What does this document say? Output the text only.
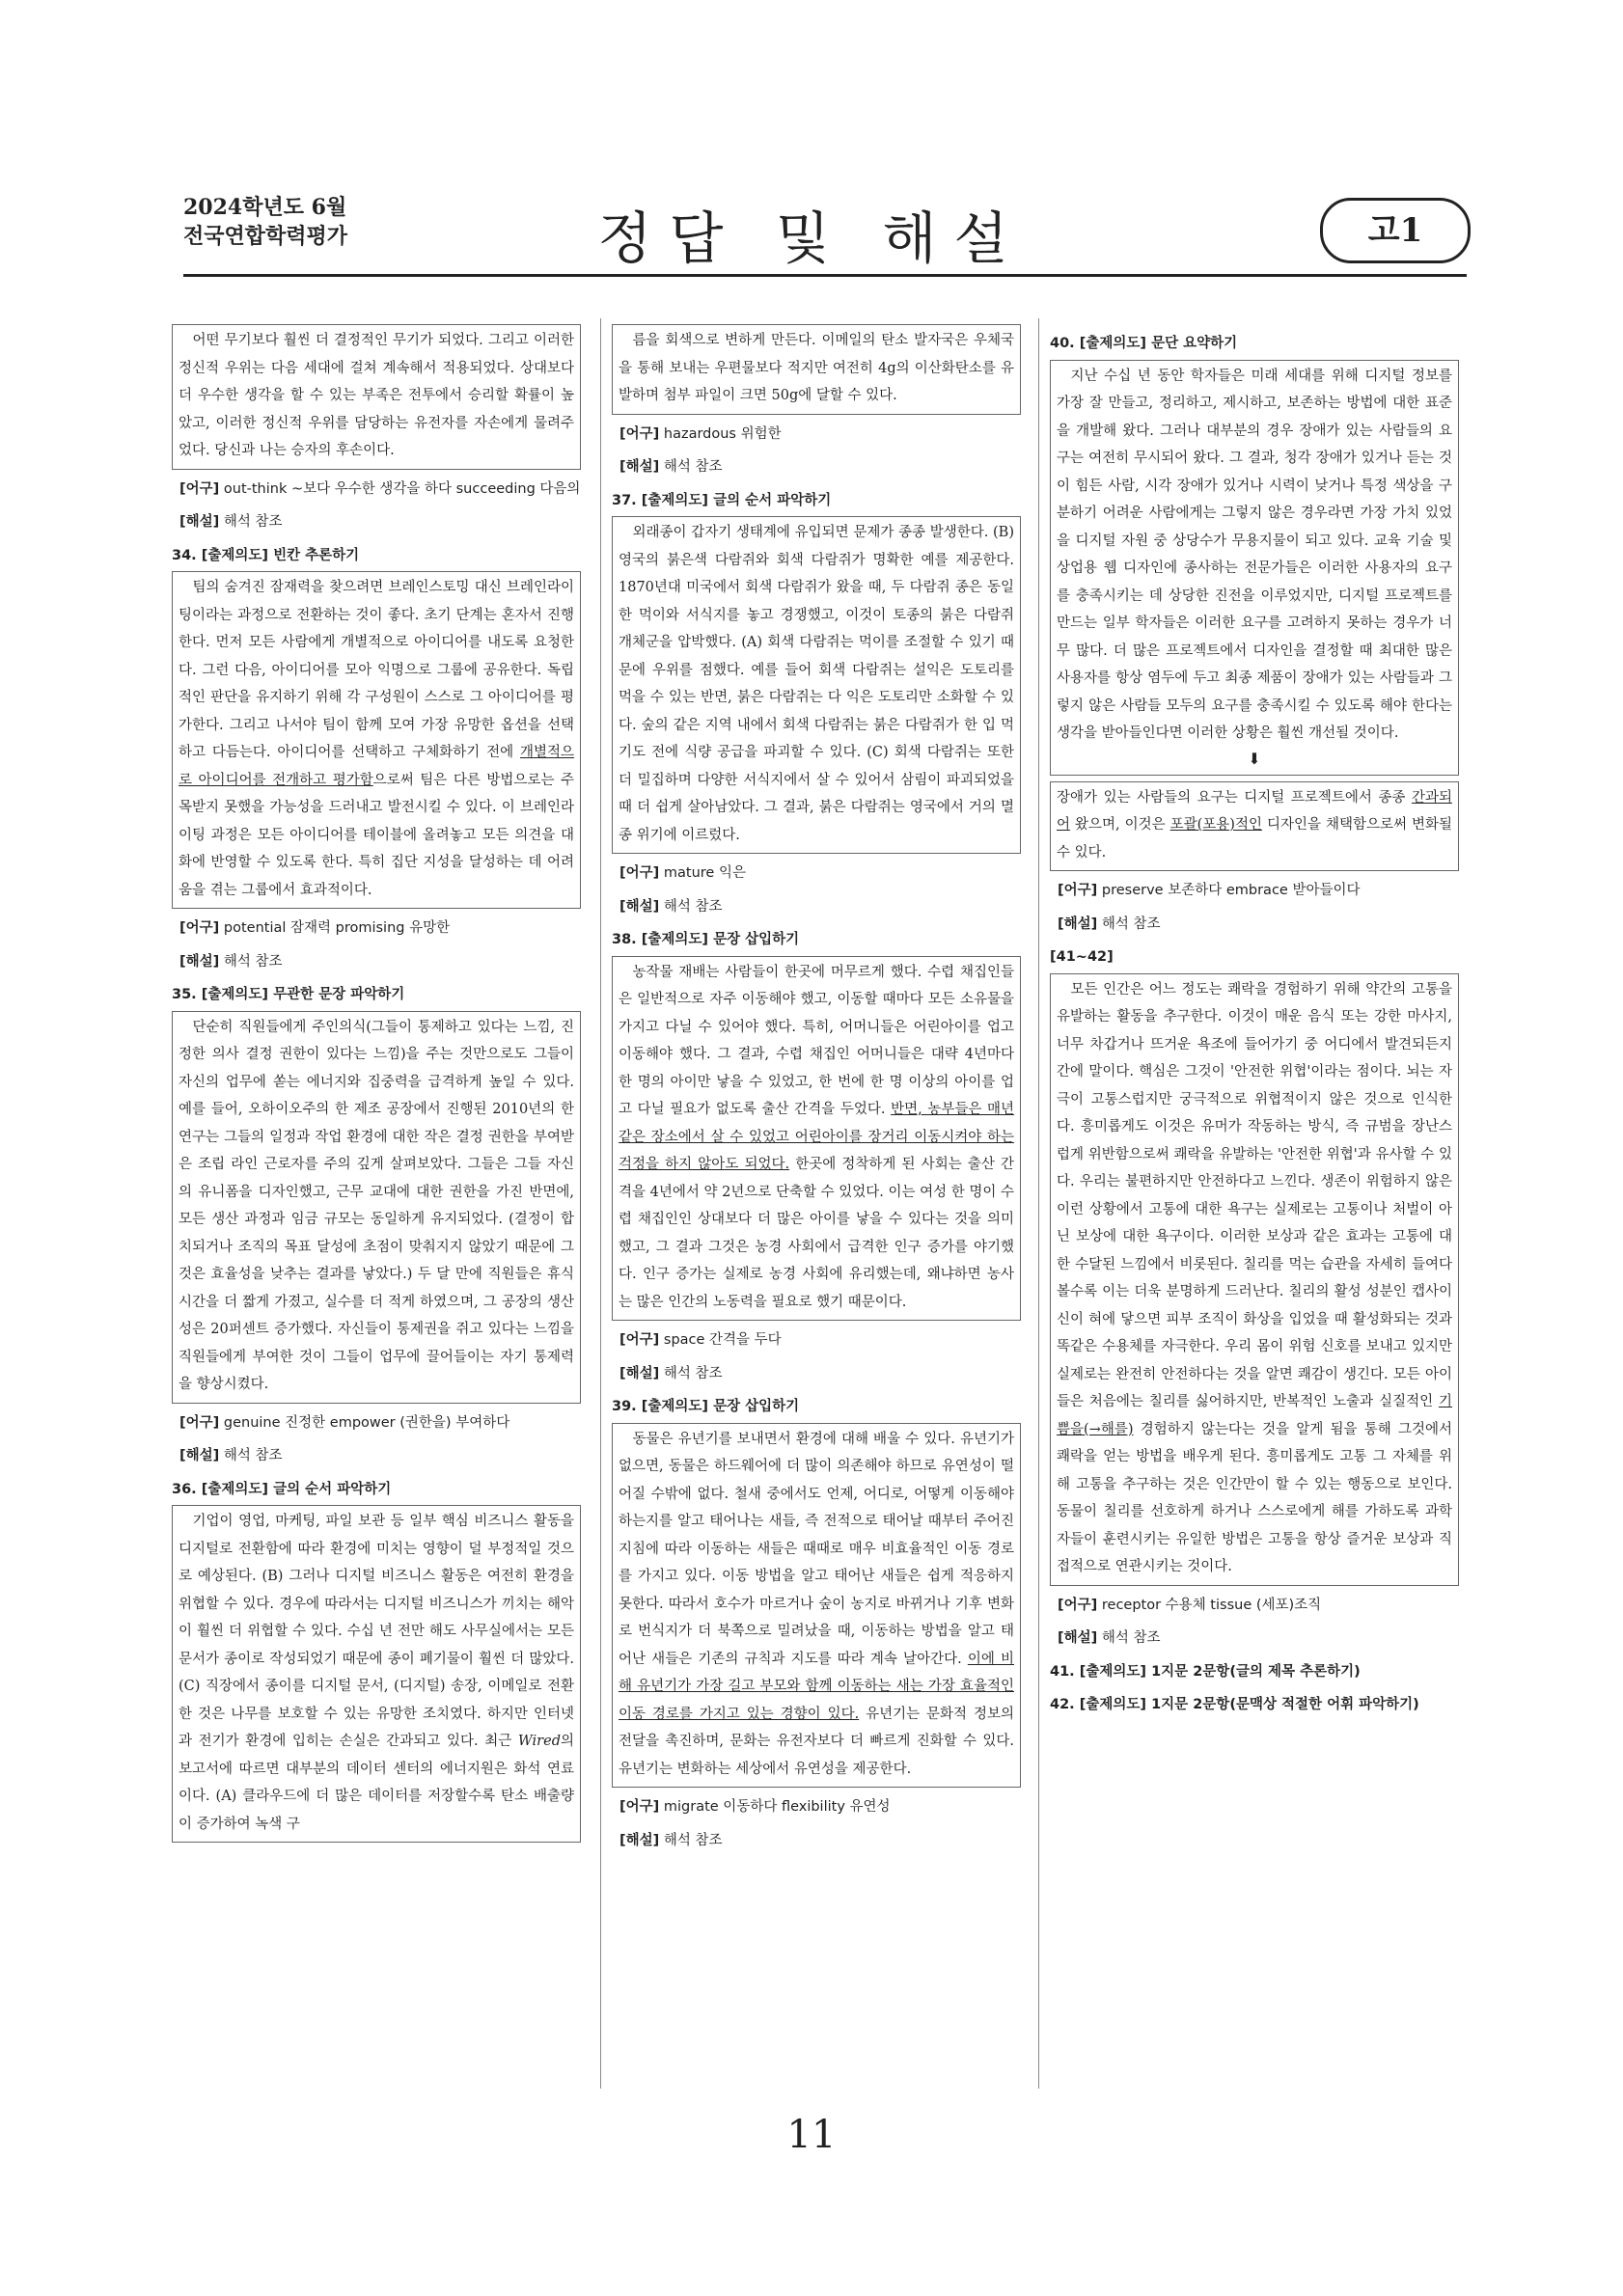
2024학년도 6월
전국연합학력평가	정답 및 해설	고1

어떤 무기보다 훨씬 더 결정적인 무기가 되었다. 그리고 이러한 정신적 우위는 다음 세대에 걸쳐 계속해서 적용되었다. 상대보다 더 우수한 생각을 할 수 있는 부족은 전투에서 승리할 확률이 높았고, 이러한 정신적 우위를 담당하는 유전자를 자손에게 물려주었다. 당신과 나는 승자의 후손이다.

[어구] out-think ~보다 우수한 생각을 하다 succeeding 다음의
[해설] 해석 참조
34. [출제의도] 빈칸 추론하기

팀의 숨겨진 잠재력을 찾으려면 브레인스토밍 대신 브레인라이팅이라는 과정으로 전환하는 것이 좋다. 초기 단계는 혼자서 진행한다. 먼저 모든 사람에게 개별적으로 아이디어를 내도록 요청한다. 그런 다음, 아이디어를 모아 익명으로 그룹에 공유한다. 독립적인 판단을 유지하기 위해 각 구성원이 스스로 그 아이디어를 평가한다. 그리고 나서야 팀이 함께 모여 가장 유망한 옵션을 선택하고 다듬는다. 아이디어를 선택하고 구체화하기 전에 개별적으로 아이디어를 전개하고 평가함으로써 팀은 다른 방법으로는 주목받지 못했을 가능성을 드러내고 발전시킬 수 있다. 이 브레인라이팅 과정은 모든 아이디어를 테이블에 올려놓고 모든 의견을 대화에 반영할 수 있도록 한다. 특히 집단 지성을 달성하는 데 어려움을 겪는 그룹에서 효과적이다.

[어구] potential 잠재력 promising 유망한
[해설] 해석 참조
35. [출제의도] 무관한 문장 파악하기

단순히 직원들에게 주인의식(그들이 통제하고 있다는 느낌, 진정한 의사 결정 권한이 있다는 느낌)을 주는 것만으로도 그들이 자신의 업무에 쏟는 에너지와 집중력을 급격하게 높일 수 있다. 예를 들어, 오하이오주의 한 제조 공장에서 진행된 2010년의 한 연구는 그들의 일정과 작업 환경에 대한 작은 결정 권한을 부여받은 조립 라인 근로자를 주의 깊게 살펴보았다. 그들은 그들 자신의 유니폼을 디자인했고, 근무 교대에 대한 권한을 가진 반면에, 모든 생산 과정과 임금 규모는 동일하게 유지되었다. (결정이 합치되거나 조직의 목표 달성에 초점이 맞춰지지 않았기 때문에 그것은 효율성을 낮추는 결과를 낳았다.) 두 달 만에 직원들은 휴식 시간을 더 짧게 가졌고, 실수를 더 적게 하였으며, 그 공장의 생산성은 20퍼센트 증가했다. 자신들이 통제권을 쥐고 있다는 느낌을 직원들에게 부여한 것이 그들이 업무에 끌어들이는 자기 통제력을 향상시켰다.

[어구] genuine 진정한 empower (권한을) 부여하다
[해설] 해석 참조
36. [출제의도] 글의 순서 파악하기

기업이 영업, 마케팅, 파일 보관 등 일부 핵심 비즈니스 활동을 디지털로 전환함에 따라 환경에 미치는 영향이 덜 부정적일 것으로 예상된다. (B) 그러나 디지털 비즈니스 활동은 여전히 환경을 위협할 수 있다. 경우에 따라서는 디지털 비즈니스가 끼치는 해악이 훨씬 더 위협할 수 있다. 수십 년 전만 해도 사무실에서는 모든 문서가 종이로 작성되었기 때문에 종이 폐기물이 훨씬 더 많았다. (C) 직장에서 종이를 디지털 문서, (디지털) 송장, 이메일로 전환한 것은 나무를 보호할 수 있는 유망한 조치였다. 하지만 인터넷과 전기가 환경에 입히는 손실은 간과되고 있다. 최근 Wired의 보고서에 따르면 대부분의 데이터 센터의 에너지원은 화석 연료이다. (A) 클라우드에 더 많은 데이터를 저장할수록 탄소 배출량이 증가하여 녹색 구

름을 회색으로 변하게 만든다. 이메일의 탄소 발자국은 우체국을 통해 보내는 우편물보다 적지만 여전히 4g의 이산화탄소를 유발하며 첨부 파일이 크면 50g에 달할 수 있다.

[어구] hazardous 위험한
[해설] 해석 참조
37. [출제의도] 글의 순서 파악하기

외래종이 갑자기 생태계에 유입되면 문제가 종종 발생한다. (B) 영국의 붉은색 다람쥐와 회색 다람쥐가 명확한 예를 제공한다. 1870년대 미국에서 회색 다람쥐가 왔을 때, 두 다람쥐 종은 동일한 먹이와 서식지를 놓고 경쟁했고, 이것이 토종의 붉은 다람쥐 개체군을 압박했다. (A) 회색 다람쥐는 먹이를 조절할 수 있기 때문에 우위를 점했다. 예를 들어 회색 다람쥐는 설익은 도토리를 먹을 수 있는 반면, 붉은 다람쥐는 다 익은 도토리만 소화할 수 있다. 숲의 같은 지역 내에서 회색 다람쥐는 붉은 다람쥐가 한 입 먹기도 전에 식량 공급을 파괴할 수 있다. (C) 회색 다람쥐는 또한 더 밀집하며 다양한 서식지에서 살 수 있어서 삼림이 파괴되었을 때 더 쉽게 살아남았다. 그 결과, 붉은 다람쥐는 영국에서 거의 멸종 위기에 이르렀다.

[어구] mature 익은
[해설] 해석 참조
38. [출제의도] 문장 삽입하기

농작물 재배는 사람들이 한곳에 머무르게 했다. 수렵 채집인들은 일반적으로 자주 이동해야 했고, 이동할 때마다 모든 소유물을 가지고 다닐 수 있어야 했다. 특히, 어머니들은 어린아이를 업고 이동해야 했다. 그 결과, 수렵 채집인 어머니들은 대략 4년마다 한 명의 아이만 낳을 수 있었고, 한 번에 한 명 이상의 아이를 업고 다닐 필요가 없도록 출산 간격을 두었다. 반면, 농부들은 매년 같은 장소에서 살 수 있었고 어린아이를 장거리 이동시켜야 하는 걱정을 하지 않아도 되었다. 한곳에 정착하게 된 사회는 출산 간격을 4년에서 약 2년으로 단축할 수 있었다. 이는 여성 한 명이 수렵 채집인인 상대보다 더 많은 아이를 낳을 수 있다는 것을 의미했고, 그 결과 그것은 농경 사회에서 급격한 인구 증가를 야기했다. 인구 증가는 실제로 농경 사회에 유리했는데, 왜냐하면 농사는 많은 인간의 노동력을 필요로 했기 때문이다.

[어구] space 간격을 두다
[해설] 해석 참조
39. [출제의도] 문장 삽입하기

동물은 유년기를 보내면서 환경에 대해 배울 수 있다. 유년기가 없으면, 동물은 하드웨어에 더 많이 의존해야 하므로 유연성이 떨어질 수밖에 없다. 철새 중에서도 언제, 어디로, 어떻게 이동해야 하는지를 알고 태어나는 새들, 즉 전적으로 태어날 때부터 주어진 지침에 따라 이동하는 새들은 때때로 매우 비효율적인 이동 경로를 가지고 있다. 이동 방법을 알고 태어난 새들은 쉽게 적응하지 못한다. 따라서 호수가 마르거나 숲이 농지로 바뀌거나 기후 변화로 번식지가 더 북쪽으로 밀려났을 때, 이동하는 방법을 알고 태어난 새들은 기존의 규칙과 지도를 따라 계속 날아간다. 이에 비해 유년기가 가장 길고 부모와 함께 이동하는 새는 가장 효율적인 이동 경로를 가지고 있는 경향이 있다. 유년기는 문화적 정보의 전달을 촉진하며, 문화는 유전자보다 더 빠르게 진화할 수 있다. 유년기는 변화하는 세상에서 유연성을 제공한다.

[어구] migrate 이동하다 flexibility 유연성
[해설] 해석 참조
40. [출제의도] 문단 요약하기

지난 수십 년 동안 학자들은 미래 세대를 위해 디지털 정보를 가장 잘 만들고, 정리하고, 제시하고, 보존하는 방법에 대한 표준을 개발해 왔다. 그러나 대부분의 경우 장애가 있는 사람들의 요구는 여전히 무시되어 왔다. 그 결과, 청각 장애가 있거나 듣는 것이 힘든 사람, 시각 장애가 있거나 시력이 낮거나 특정 색상을 구분하기 어려운 사람에게는 그렇지 않은 경우라면 가장 가치 있었을 디지털 자원 중 상당수가 무용지물이 되고 있다. 교육 기술 및 상업용 웹 디자인에 종사하는 전문가들은 이러한 사용자의 요구를 충족시키는 데 상당한 진전을 이루었지만, 디지털 프로젝트를 만드는 일부 학자들은 이러한 요구를 고려하지 못하는 경우가 너무 많다. 더 많은 프로젝트에서 디자인을 결정할 때 최대한 많은 사용자를 항상 염두에 두고 최종 제품이 장애가 있는 사람들과 그렇지 않은 사람들 모두의 요구를 충족시킬 수 있도록 해야 한다는 생각을 받아들인다면 이러한 상황은 훨씬 개선될 것이다.

⬇

장애가 있는 사람들의 요구는 디지털 프로젝트에서 종종 간과되어 왔으며, 이것은 포괄(포용)적인 디자인을 채택함으로써 변화될 수 있다.

[어구] preserve 보존하다 embrace 받아들이다
[해설] 해석 참조
[41~42]

모든 인간은 어느 정도는 쾌락을 경험하기 위해 약간의 고통을 유발하는 활동을 추구한다. 이것이 매운 음식 또는 강한 마사지, 너무 차갑거나 뜨거운 욕조에 들어가기 중 어디에서 발견되든지 간에 말이다. 핵심은 그것이 '안전한 위협'이라는 점이다. 뇌는 자극이 고통스럽지만 궁극적으로 위협적이지 않은 것으로 인식한다. 흥미롭게도 이것은 유머가 작동하는 방식, 즉 규범을 장난스럽게 위반함으로써 쾌락을 유발하는 '안전한 위협'과 유사할 수 있다. 우리는 불편하지만 안전하다고 느낀다. 생존이 위험하지 않은 이런 상황에서 고통에 대한 욕구는 실제로는 고통이나 처벌이 아닌 보상에 대한 욕구이다. 이러한 보상과 같은 효과는 고통에 대한 수달된 느낌에서 비롯된다. 칠리를 먹는 습관을 자세히 들여다볼수록 이는 더욱 분명하게 드러난다. 칠리의 활성 성분인 캡사이신이 혀에 닿으면 피부 조직이 화상을 입었을 때 활성화되는 것과 똑같은 수용체를 자극한다. 우리 몸이 위험 신호를 보내고 있지만 실제로는 완전히 안전하다는 것을 알면 쾌감이 생긴다. 모든 아이들은 처음에는 칠리를 싫어하지만, 반복적인 노출과 실질적인 기쁨을(→해를) 경험하지 않는다는 것을 알게 됨을 통해 그것에서 쾌락을 얻는 방법을 배우게 된다. 흥미롭게도 고통 그 자체를 위해 고통을 추구하는 것은 인간만이 할 수 있는 행동으로 보인다. 동물이 칠리를 선호하게 하거나 스스로에게 해를 가하도록 과학자들이 훈련시키는 유일한 방법은 고통을 항상 즐거운 보상과 직접적으로 연관시키는 것이다.

[어구] receptor 수용체 tissue (세포)조직
[해설] 해석 참조
41. [출제의도] 1지문 2문항(글의 제목 추론하기)
42. [출제의도] 1지문 2문항(문맥상 적절한 어휘 파악하기)
11
